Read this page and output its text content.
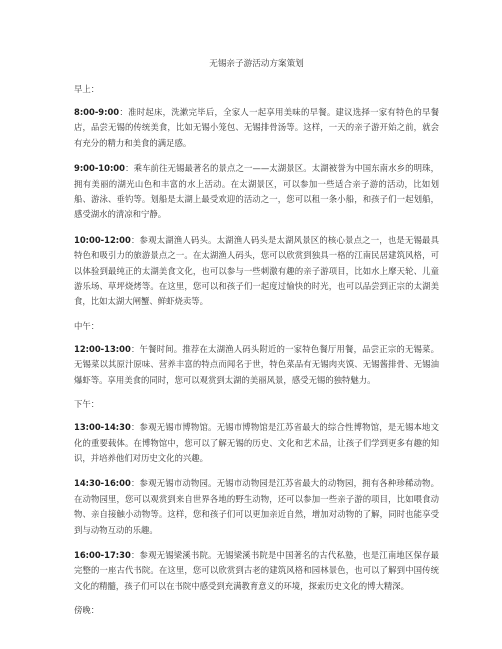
无锡亲子游活动方案策划
早上：

8:00-9:00：准时起床，洗漱完毕后，全家人一起享用美味的早餐。建议选择一家有特色的早餐店，品尝无锡的传统美食，比如无锡小笼包、无锡排骨汤等。这样，一天的亲子游开始之前，就会有充分的精力和美食的满足感。

9:00-10:00：乘车前往无锡最著名的景点之一——太湖景区。太湖被誉为中国东南水乡的明珠，拥有美丽的湖光山色和丰富的水上活动。在太湖景区，可以参加一些适合亲子游的活动，比如划船、游泳、垂钓等。划船是太湖上最受欢迎的活动之一，您可以租一条小船，和孩子们一起划船，感受湖水的清凉和宁静。

10:00-12:00：参观太湖渔人码头。太湖渔人码头是太湖风景区的核心景点之一，也是无锡最具特色和吸引力的旅游景点之一。在太湖渔人码头，您可以欣赏到独具一格的江南民居建筑风格，可以体验到最纯正的太湖美食文化，也可以参与一些刺激有趣的亲子游项目，比如水上摩天轮、儿童游乐场、草坪烧烤等。在这里，您可以和孩子们一起度过愉快的时光，也可以品尝到正宗的太湖美食，比如太湖大闸蟹、鲜虾烧卖等。

中午：

12:00-13:00：午餐时间。推荐在太湖渔人码头附近的一家特色餐厅用餐，品尝正宗的无锡菜。无锡菜以其原汁原味、营养丰富的特点而闻名于世，特色菜品有无锡肉夹馍、无锡酱排骨、无锡油爆虾等。享用美食的同时，您可以观赏到太湖的美丽风景，感受无锡的独特魅力。

下午：

13:00-14:30：参观无锡市博物馆。无锡市博物馆是江苏省最大的综合性博物馆，是无锡本地文化的重要载体。在博物馆中，您可以了解无锡的历史、文化和艺术品，让孩子们学到更多有趣的知识，并培养他们对历史文化的兴趣。

14:30-16:00：参观无锡市动物园。无锡市动物园是江苏省最大的动物园，拥有各种珍稀动物。在动物园里，您可以观赏到来自世界各地的野生动物，还可以参加一些亲子游的项目，比如喂食动物、亲自接触小动物等。这样，您和孩子们可以更加亲近自然，增加对动物的了解，同时也能享受到与动物互动的乐趣。

16:00-17:30：参观无锡梁溪书院。无锡梁溪书院是中国著名的古代私塾，也是江南地区保存最完整的一座古代书院。在这里，您可以欣赏到古老的建筑风格和园林景色，也可以了解到中国传统文化的精髓，孩子们可以在书院中感受到充满教育意义的环境，探索历史文化的博大精深。

傍晚：
